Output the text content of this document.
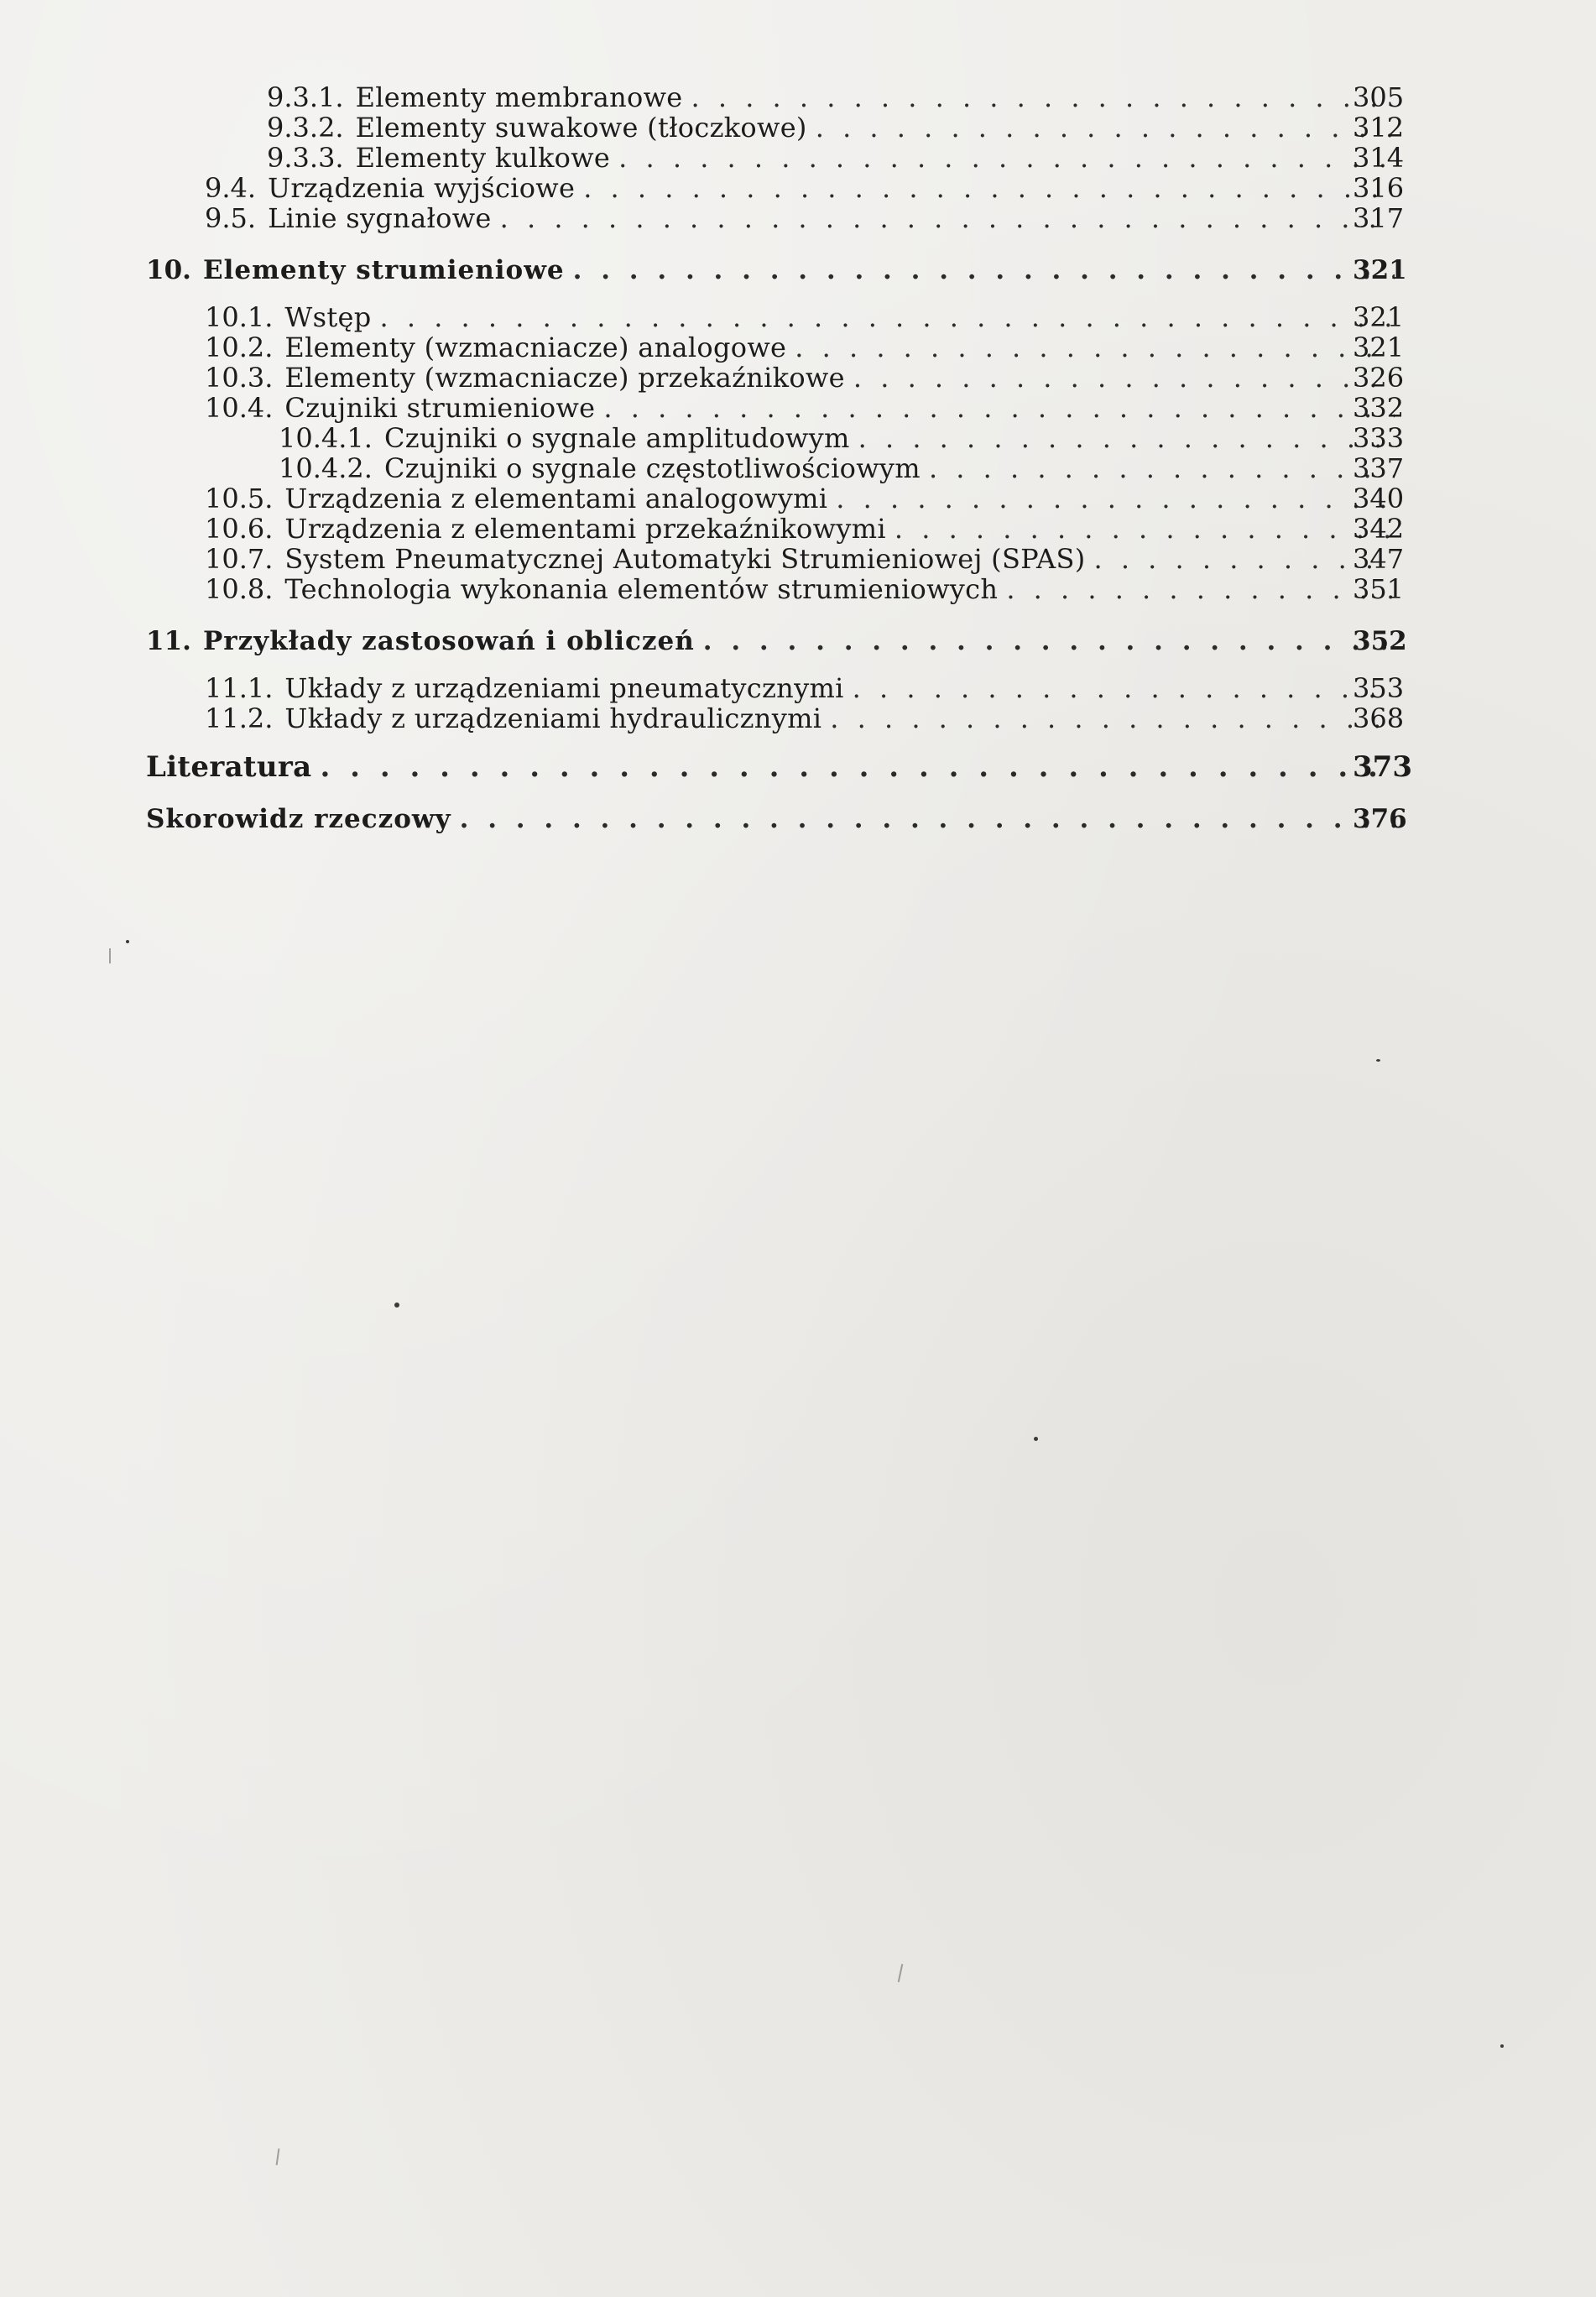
9.3.1. Elementy membranowe . . .	305
9.3.2. Elementy suwakowe (tłoczkowe) . . .	312
9.3.3. Elementy kulkowe . . .	314
9.4. Urządzenia wyjściowe . . .	316
9.5. Linie sygnałowe . . .	317
10. Elementy strumieniowe . . .	321
10.1. Wstęp . . .	321
10.2. Elementy (wzmacniacze) analogowe . . .	321
10.3. Elementy (wzmacniacze) przekaźnikowe . . .	326
10.4. Czujniki strumieniowe . . .	332
10.4.1. Czujniki o sygnale amplitudowym . . .	333
10.4.2. Czujniki o sygnale częstotliwościowym . . .	337
10.5. Urządzenia z elementami analogowymi . . .	340
10.6. Urządzenia z elementami przekaźnikowymi . . .	342
10.7. System Pneumatycznej Automatyki Strumieniowej (SPAS) . . .	347
10.8. Technologia wykonania elementów strumieniowych . . .	351
11. Przykłady zastosowań i obliczeń . . .	352
11.1. Układy z urządzeniami pneumatycznymi . . .	353
11.2. Układy z urządzeniami hydraulicznymi . . .	368
Literatura . . .	373
Skorowidz rzeczowy . . .	376
